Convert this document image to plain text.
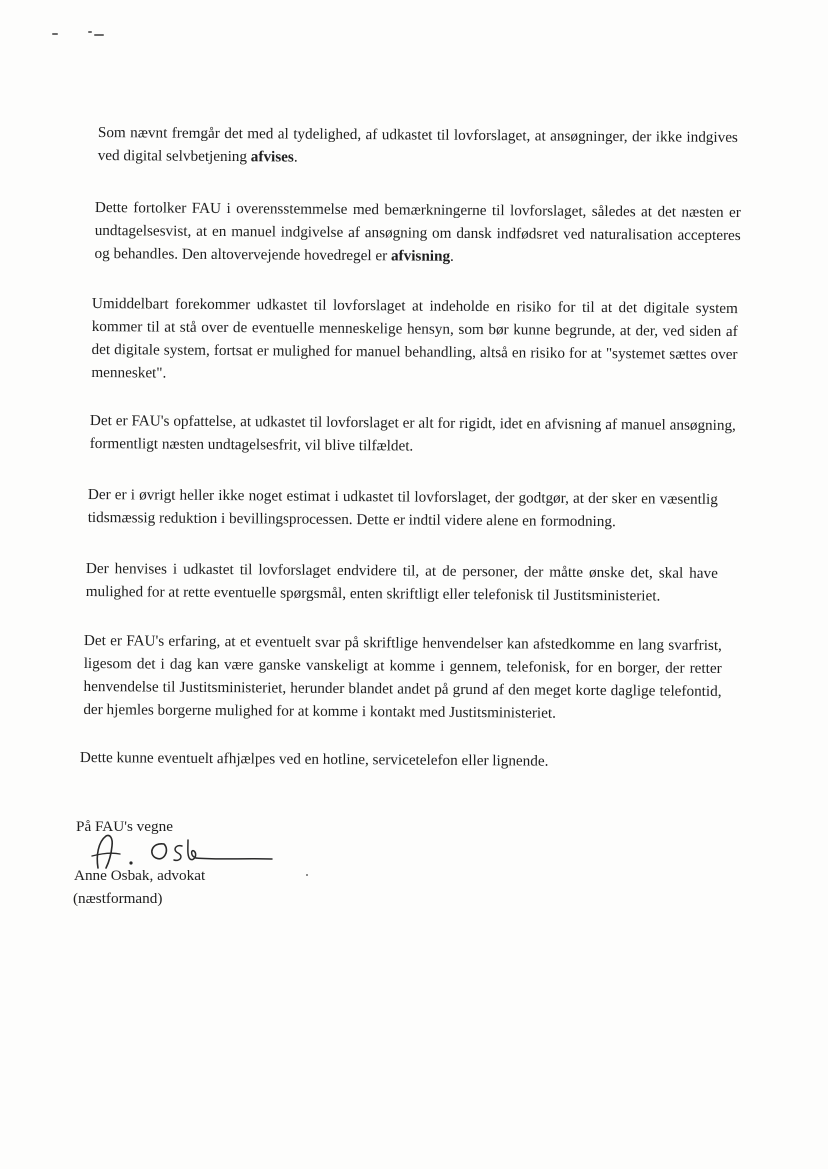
Som nævnt fremgår det med al tydelighed, af udkastet til lovforslaget, at ansøgninger, der ikke indgives ved digital selvbetjening afvises.

Dette fortolker FAU i overensstemmelse med bemærkningerne til lovforslaget, således at det næsten er undtagelsesvist, at en manuel indgivelse af ansøgning om dansk indfødsret ved naturalisation accepteres og behandles. Den altovervejende hovedregel er afvisning.

Umiddelbart forekommer udkastet til lovforslaget at indeholde en risiko for til at det digitale system kommer til at stå over de eventuelle menneskelige hensyn, som bør kunne begrunde, at der, ved siden af det digitale system, fortsat er mulighed for manuel behandling, altså en risiko for at "systemet sættes over mennesket".

Det er FAU's opfattelse, at udkastet til lovforslaget er alt for rigidt, idet en afvisning af manuel ansøgning, formentligt næsten undtagelsesfrit, vil blive tilfældet.

Der er i øvrigt heller ikke noget estimat i udkastet til lovforslaget, der godtgør, at der sker en væsentlig tidsmæssig reduktion i bevillingsprocessen. Dette er indtil videre alene en formodning.

Der henvises i udkastet til lovforslaget endvidere til, at de personer, der måtte ønske det, skal have mulighed for at rette eventuelle spørgsmål, enten skriftligt eller telefonisk til Justitsministeriet.

Det er FAU's erfaring, at et eventuelt svar på skriftlige henvendelser kan afstedkomme en lang svarfrist, ligesom det i dag kan være ganske vanskeligt at komme i gennem, telefonisk, for en borger, der retter henvendelse til Justitsministeriet, herunder blandet andet på grund af den meget korte daglige telefontid, der hjemles borgerne mulighed for at komme i kontakt med Justitsministeriet.

Dette kunne eventuelt afhjælpes ved en hotline, servicetelefon eller lignende.

På FAU's vegne

Anne Osbak, advokat

(næstformand)
